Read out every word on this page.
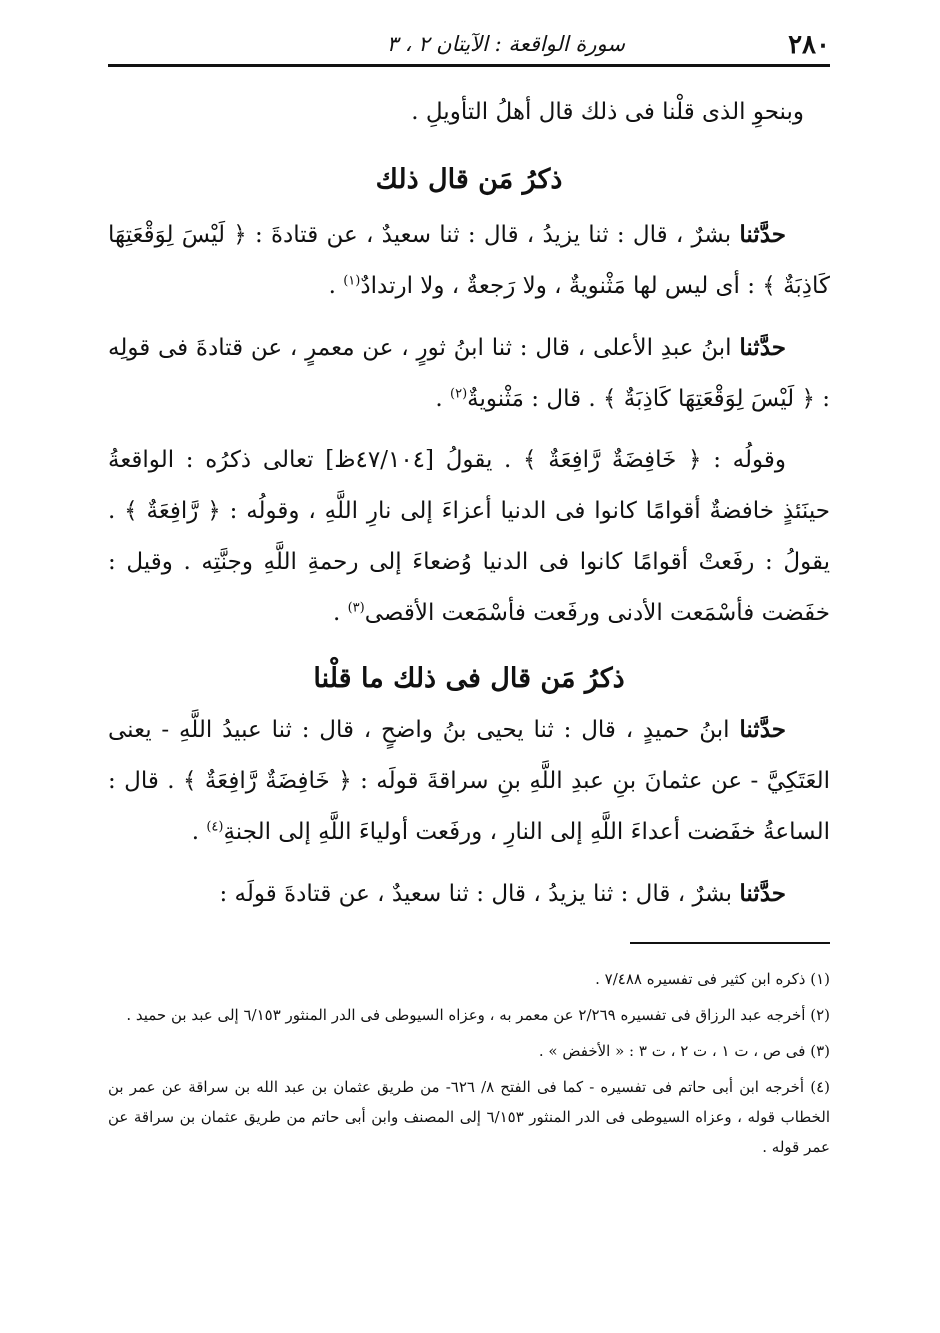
٢٨٠
سورة الواقعة : الآيتان ٢ ، ٣

وبنحوِ الذى قلْنا فى ذلك قال أهلُ التأويلِ .

ذكرُ مَن قال ذلك

حدَّثنا بشرٌ ، قال : ثنا يزيدُ ، قال : ثنا سعيدٌ ، عن قتادةَ : ﴿ لَيْسَ لِوَقْعَتِهَا كَاذِبَةٌ ﴾ : أى ليس لها مَثْنويةٌ ، ولا رَجعةٌ ، ولا ارتدادٌ$^{(١)}$ .

حدَّثنا ابنُ عبدِ الأعلى ، قال : ثنا ابنُ ثورٍ ، عن معمرٍ ، عن قتادةَ فى قولِه : ﴿ لَيْسَ لِوَقْعَتِهَا كَاذِبَةٌ ﴾ . قال : مَثْنويةٌ$^{(٢)}$ .

وقولُه : ﴿ خَافِضَةٌ رَّافِعَةٌ ﴾ . يقولُ [٤٧/١٠٤ظ] تعالى ذكرُه : الواقعةُ حينَئذٍ خافضةٌ أقوامًا كانوا فى الدنيا أعزاءَ إلى نارِ اللَّهِ ، وقولُه : ﴿ رَّافِعَةٌ ﴾ . يقولُ : رفَعتْ أقوامًا كانوا فى الدنيا وُضعاءَ إلى رحمةِ اللَّهِ وجنَّتِه . وقيل : خفَضت فأسْمَعت الأدنى ورفَعت فأسْمَعت الأقصى$^{(٣)}$ .

ذكرُ مَن قال فى ذلك ما قلْنا

حدَّثنا ابنُ حميدٍ ، قال : ثنا يحيى بنُ واضحٍ ، قال : ثنا عبيدُ اللَّهِ - يعنى العَتَكِيَّ - عن عثمانَ بنِ عبدِ اللَّهِ بنِ سراقةَ قولَه : ﴿ خَافِضَةٌ رَّافِعَةٌ ﴾ . قال : الساعةُ خفَضت أعداءَ اللَّهِ إلى النارِ ، ورفَعت أولياءَ اللَّهِ إلى الجنةِ$^{(٤)}$ .

حدَّثنا بشرٌ ، قال : ثنا يزيدُ ، قال : ثنا سعيدٌ ، عن قتادةَ قولَه :

(١) ذكره ابن كثير فى تفسيره ٧/٤٨٨ .

(٢) أخرجه عبد الرزاق فى تفسيره ٢/٢٦٩ عن معمر به ، وعزاه السيوطى فى الدر المنثور ٦/١٥٣ إلى عبد بن حميد .

(٣) فى ص ، ت ١ ، ت ٢ ، ت ٣ : « الأخفض » .

(٤) أخرجه ابن أبى حاتم فى تفسيره - كما فى الفتح ٨/ ٦٢٦- من طريق عثمان بن عبد الله بن سراقة عن عمر بن الخطاب قوله ، وعزاه السيوطى فى الدر المنثور ٦/١٥٣ إلى المصنف وابن أبى حاتم من طريق عثمان بن سراقة عن عمر قوله .
